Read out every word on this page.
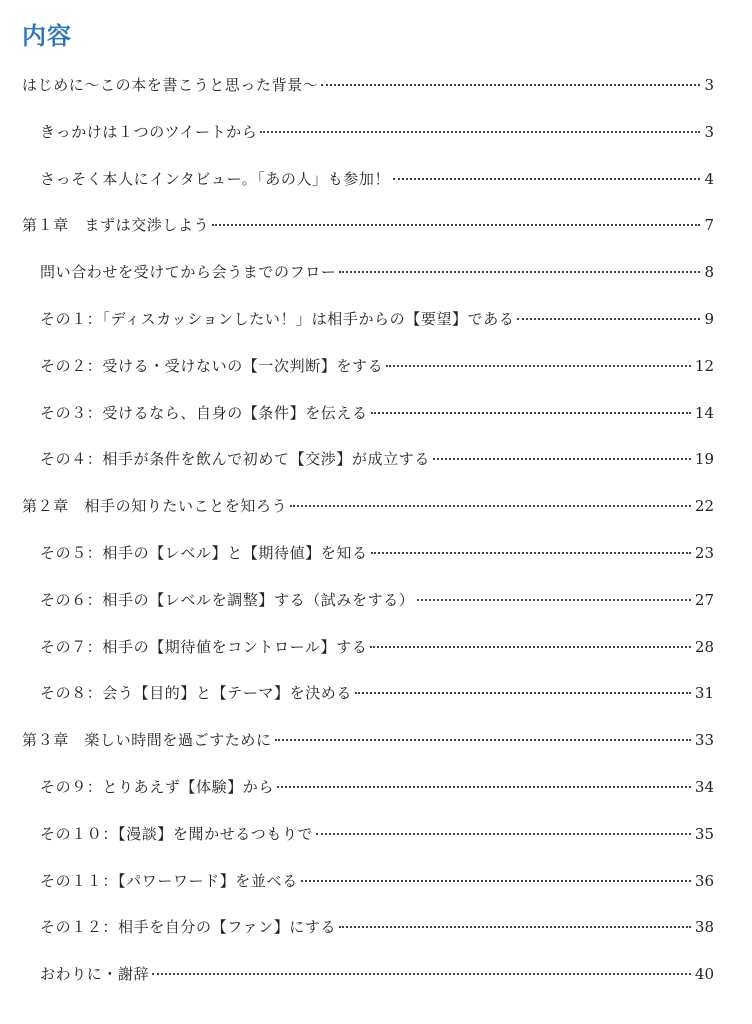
内容
はじめに〜この本を書こうと思った背景〜	3
きっかけは１つのツイートから	3
さっそく本人にインタビュー。「あの人」も参加！	4
第１章　まずは交渉しよう	7
問い合わせを受けてから会うまでのフロー	8
その１：「ディスカッションしたい！」は相手からの【要望】である	9
その２：受ける・受けないの【一次判断】をする	12
その３：受けるなら、自身の【条件】を伝える	14
その４：相手が条件を飲んで初めて【交渉】が成立する	19
第２章　相手の知りたいことを知ろう	22
その５：相手の【レベル】と【期待値】を知る	23
その６：相手の【レベルを調整】する（試みをする）	27
その７：相手の【期待値をコントロール】する	28
その８：会う【目的】と【テーマ】を決める	31
第３章　楽しい時間を過ごすために	33
その９：とりあえず【体験】から	34
その１０：【漫談】を聞かせるつもりで	35
その１１：【パワーワード】を並べる	36
その１２：相手を自分の【ファン】にする	38
おわりに・謝辞	40
